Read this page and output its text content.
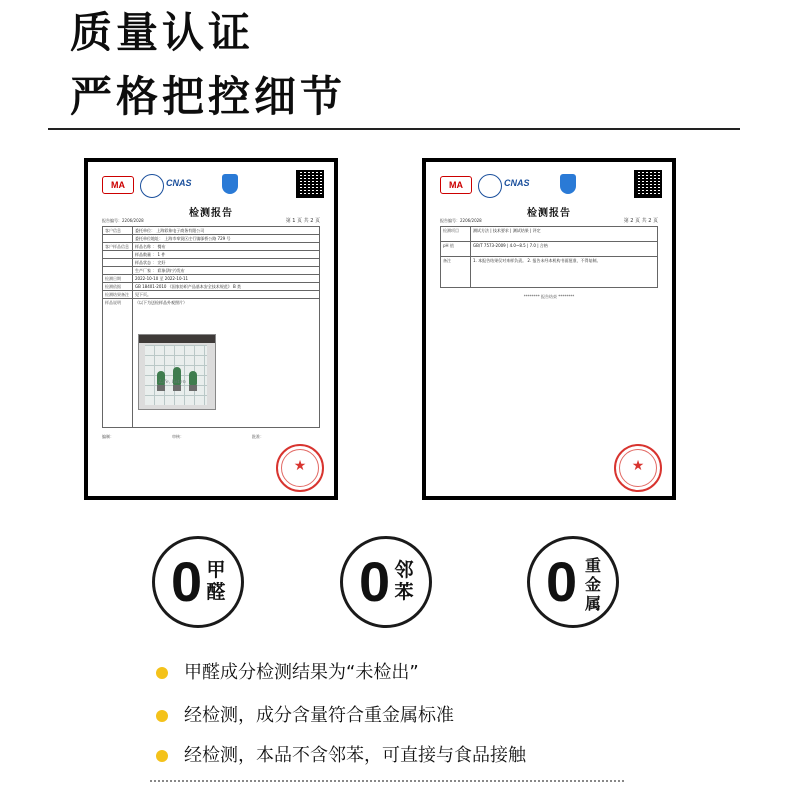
质量认证
严格把控细节
MA	CNAS
检测报告
报告编号：2206/2028	第 1 页 共 2 页
客户信息	委托单位： 上海彩象电子商务有限公司
委托单位地址： 上海市奉贤区庄行镇邬桥公路 729 号
客户样品信息	样品名称 ： 餐布
样品数量 ： 1 件
样品状态 ： 完好
生产厂家 ： 彩象(海宁)发布
检测日期	2022-10-10 至 2022-10-11
检测依据	GB 18401-2010 《国家纺织产品基本安全技术规范》 B 类
检测结果备注	见下页。
样品说明	（以下为送检样品外观照片）
Life, listen
编制：	审核：	批准：
★
MA	CNAS
检测报告
报告编号：2206/2028	第 2 页 共 2 页
检测项目	测试方法 | 技术要求 | 测试结果 | 评定
pH 值	GB/T 7573-2009 | 4.0~8.5 | 7.0 | 合格
备注	1. 本报告结果仅对来样负责。 2. 报告未经本机构书面批准，不得复制。
******** 报告结束 ********
★
0 甲
醛 0 邻
苯 0 重
金
属
甲醛成分检测结果为“未检出”
经检测，成分含量符合重金属标准
经检测，本品不含邻苯，可直接与食品接触
